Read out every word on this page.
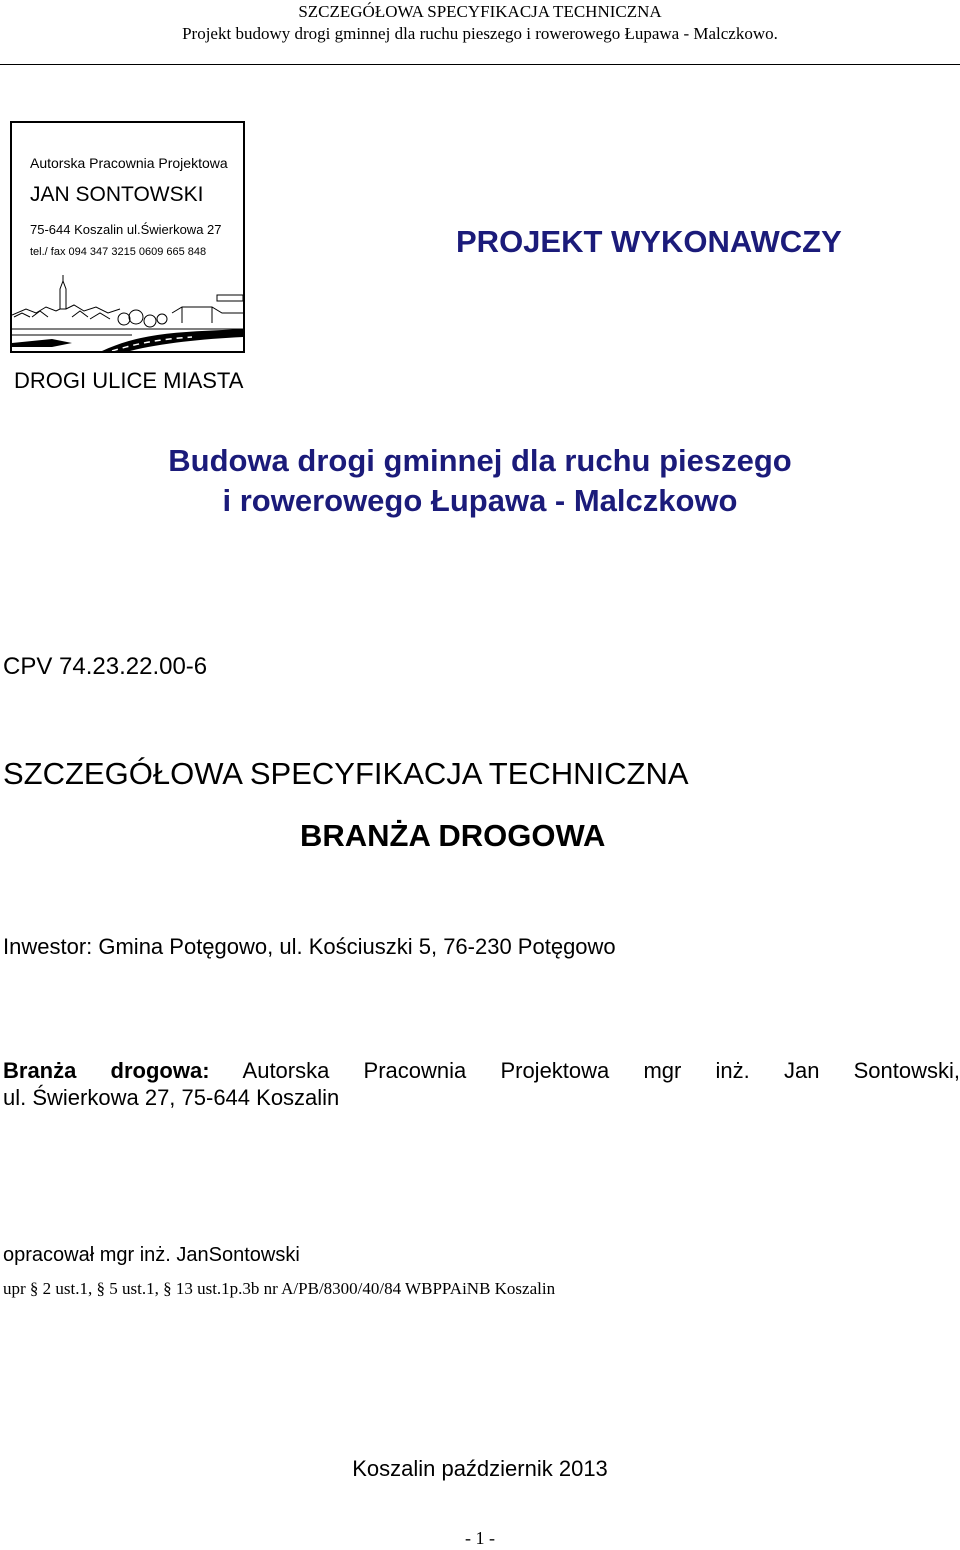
SZCZEGÓŁOWA SPECYFIKACJA TECHNICZNA
Projekt budowy drogi gminnej dla ruchu pieszego i rowerowego Łupawa - Malczkowo.
Autorska Pracownia Projektowa
JAN SONTOWSKI
75-644 Koszalin ul.Świerkowa 27
tel./ fax 094 347 3215 0609 665 848
DROGI ULICE MIASTA
PROJEKT WYKONAWCZY
Budowa drogi gminnej dla ruchu pieszego
i rowerowego Łupawa - Malczkowo
CPV 74.23.22.00-6
SZCZEGÓŁOWA SPECYFIKACJA TECHNICZNA
BRANŻA DROGOWA
Inwestor: Gmina Potęgowo, ul. Kościuszki 5, 76-230 Potęgowo
Branża drogowa: Autorska Pracownia Projektowa mgr inż. Jan Sontowski,
ul. Świerkowa 27, 75-644 Koszalin
opracował mgr inż. JanSontowski
upr § 2 ust.1, § 5 ust.1, § 13 ust.1p.3b nr A/PB/8300/40/84 WBPPAiNB Koszalin
Koszalin październik 2013
- 1 -
